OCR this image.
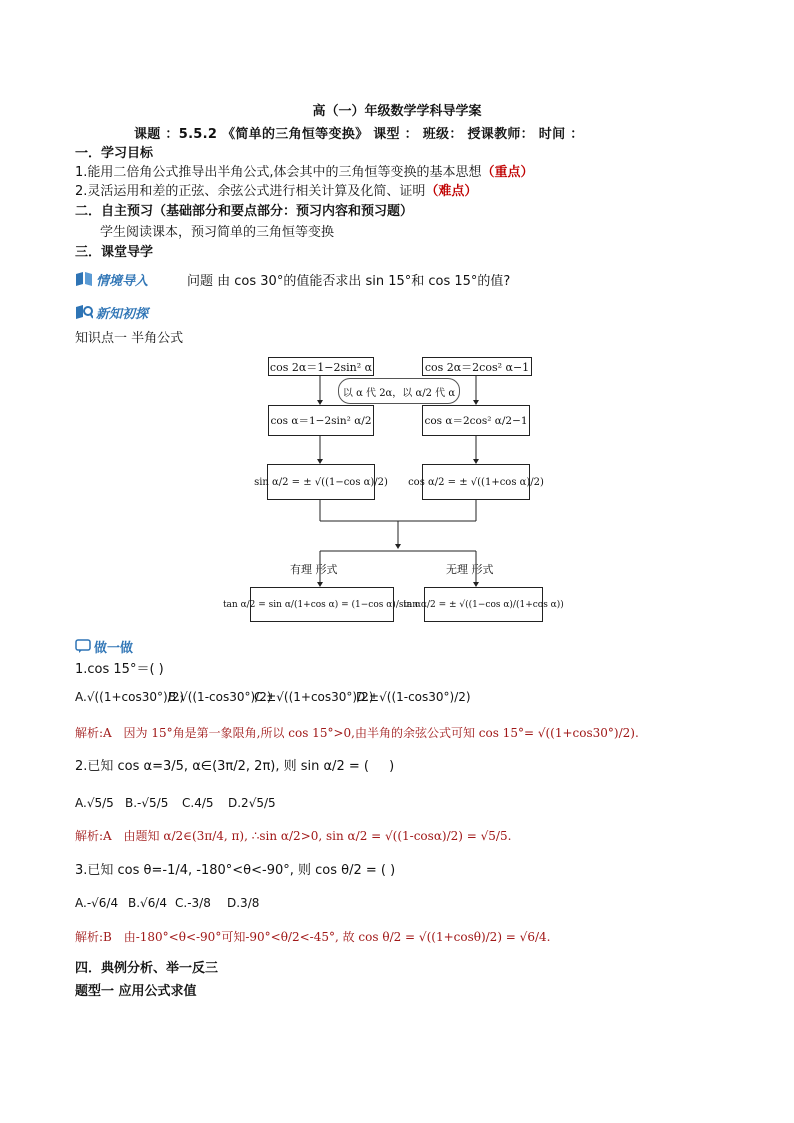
高（一）年级数学学科导学案
课题 ：5.5.2 《简单的三角恒等变换》 课型 ： 班级： 授课教师： 时间 ：
一．学习目标
1.能用二倍角公式推导出半角公式,体会其中的三角恒等变换的基本思想（重点）
2.灵活运用和差的正弦、余弦公式进行相关计算及化简、证明（难点）
二．自主预习（基础部分和要点部分：预习内容和预习题）
学生阅读课本，预习简单的三角恒等变换
三．课堂导学
情境导入	问题 由 cos 30°的值能否求出 sin 15°和 cos 15°的值?
新知初探
知识点一 半角公式
cos 2α＝1−2sin² α	cos 2α＝2cos² α−1
以 α 代 2α，以 α/2 代 α
cos α＝1−2sin² α/2	cos α＝2cos² α/2−1
sin α/2 = ± √((1−cos α)/2) cos α/2 = ± √((1+cos α)/2)
有理 形式	无理 形式
tan α/2 = sin α/(1+cos α) = (1−cos α)/sin α
tan α/2 = ± √((1−cos α)/(1+cos α))
做一做
1.cos 15°＝( )
A.√((1+cos30°)/2)
B.√((1-cos30°)/2)
C.±√((1+cos30°)/2)
D.±√((1-cos30°)/2)
解析:A 因为 15°角是第一象限角,所以 cos 15°>0,由半角的余弦公式可知 cos 15°= √((1+cos30°)/2).
2.已知 cos α=3/5, α∈(3π/2, 2π), 则 sin α/2 = ( )
A.√5/5 B.-√5/5 C.4/5 D.2√5/5
解析:A 由题知 α/2∈(3π/4, π), ∴sin α/2>0, sin α/2 = √((1-cosα)/2) = √5/5.
3.已知 cos θ=-1/4, -180°<θ<-90°, 则 cos θ/2 = ( )
A.-√6/4 B.√6/4 C.-3/8 D.3/8
解析:B 由-180°<θ<-90°可知-90°<θ/2<-45°, 故 cos θ/2 = √((1+cosθ)/2) = √6/4.
四．典例分析、举一反三
题型一 应用公式求值
